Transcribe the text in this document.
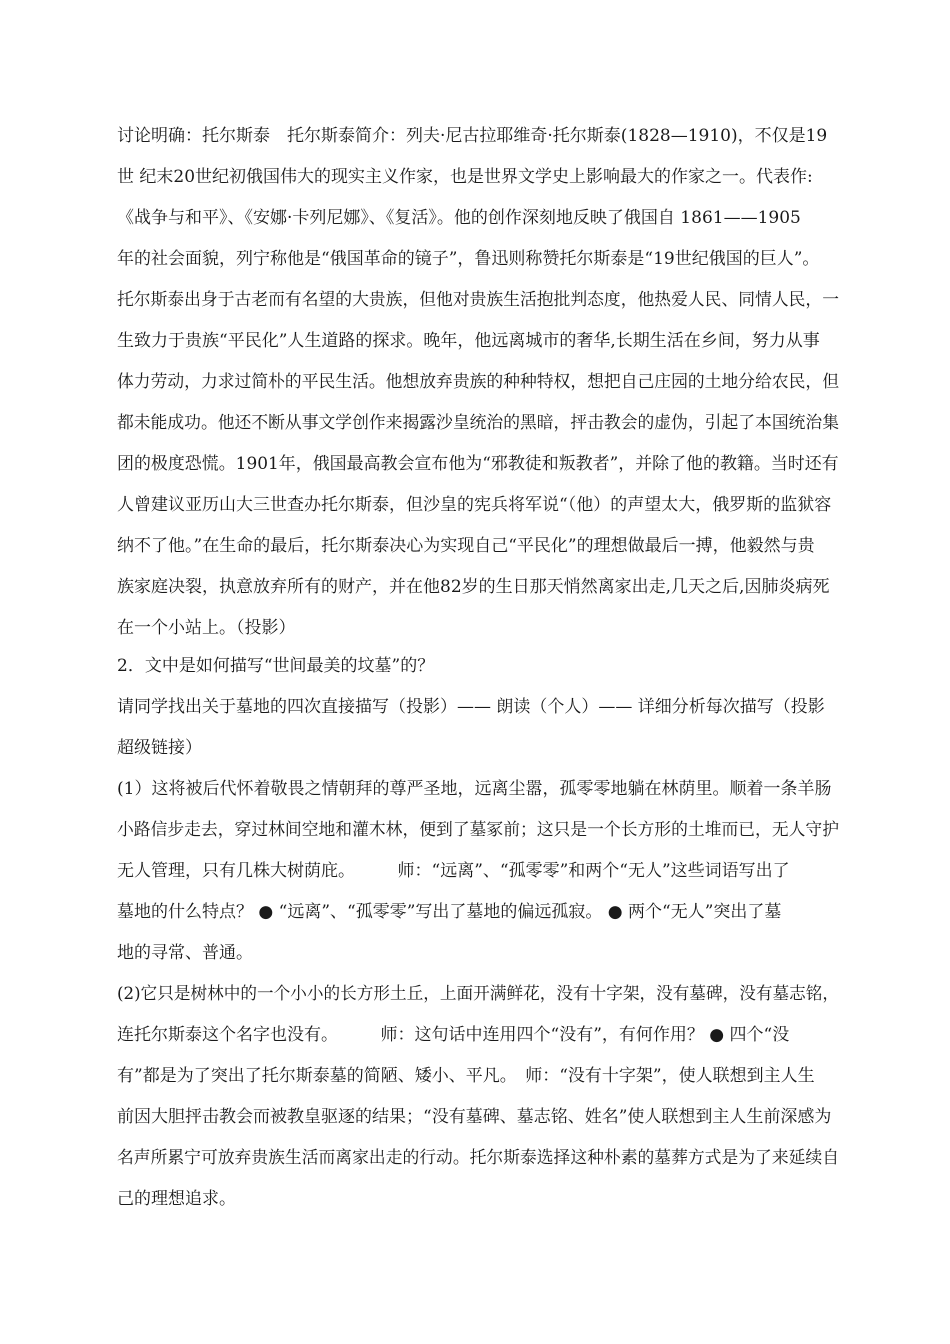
讨论明确：托尔斯泰　托尔斯泰简介：列夫·尼古拉耶维奇·托尔斯泰(1828—1910)，不仅是19
世 纪末20世纪初俄国伟大的现实主义作家，也是世界文学史上影响最大的作家之一。代表作:
《战争与和平》、《安娜·卡列尼娜》、《复活》。他的创作深刻地反映了俄国自 1861——1905
年的社会面貌，列宁称他是“俄国革命的镜子”，鲁迅则称赞托尔斯泰是“19世纪俄国的巨人”。
托尔斯泰出身于古老而有名望的大贵族，但他对贵族生活抱批判态度，他热爱人民、同情人民，一
生致力于贵族“平民化”人生道路的探求。晚年，他远离城市的奢华,长期生活在乡间，努力从事
体力劳动，力求过简朴的平民生活。他想放弃贵族的种种特权，想把自己庄园的土地分给农民，但
都未能成功。他还不断从事文学创作来揭露沙皇统治的黑暗，抨击教会的虚伪，引起了本国统治集
团的极度恐慌。1901年，俄国最高教会宣布他为“邪教徒和叛教者”，并除了他的教籍。当时还有
人曾建议亚历山大三世查办托尔斯泰，但沙皇的宪兵将军说“（他）的声望太大，俄罗斯的监狱容
纳不了他。”在生命的最后，托尔斯泰决心为实现自己“平民化”的理想做最后一搏，他毅然与贵
族家庭决裂，执意放弃所有的财产，并在他82岁的生日那天悄然离家出走,几天之后,因肺炎病死
在一个小站上。（投影）
2．文中是如何描写“世间最美的坟墓”的？
请同学找出关于墓地的四次直接描写（投影）—— 朗读（个人）—— 详细分析每次描写（投影
超级链接）
(1）这将被后代怀着敬畏之情朝拜的尊严圣地，远离尘嚣，孤零零地躺在林荫里。顺着一条羊肠
小路信步走去，穿过林间空地和灌木林，便到了墓冢前；这只是一个长方形的土堆而已，无人守护
无人管理，只有几株大树荫庇。　　　师：“远离”、“孤零零”和两个“无人”这些词语写出了
墓地的什么特点？ ● “远离”、“孤零零”写出了墓地的偏远孤寂。 ● 两个“无人”突出了墓
地的寻常、普通。
(2)它只是树林中的一个小小的长方形土丘，上面开满鲜花，没有十字架，没有墓碑，没有墓志铭，
连托尔斯泰这个名字也没有。　　　师：这句话中连用四个“没有”，有何作用？ ● 四个“没
有”都是为了突出了托尔斯泰墓的简陋、矮小、平凡。　师：“没有十字架”，使人联想到主人生
前因大胆抨击教会而被教皇驱逐的结果；“没有墓碑、墓志铭、姓名”使人联想到主人生前深感为
名声所累宁可放弃贵族生活而离家出走的行动。托尔斯泰选择这种朴素的墓葬方式是为了来延续自
己的理想追求。
